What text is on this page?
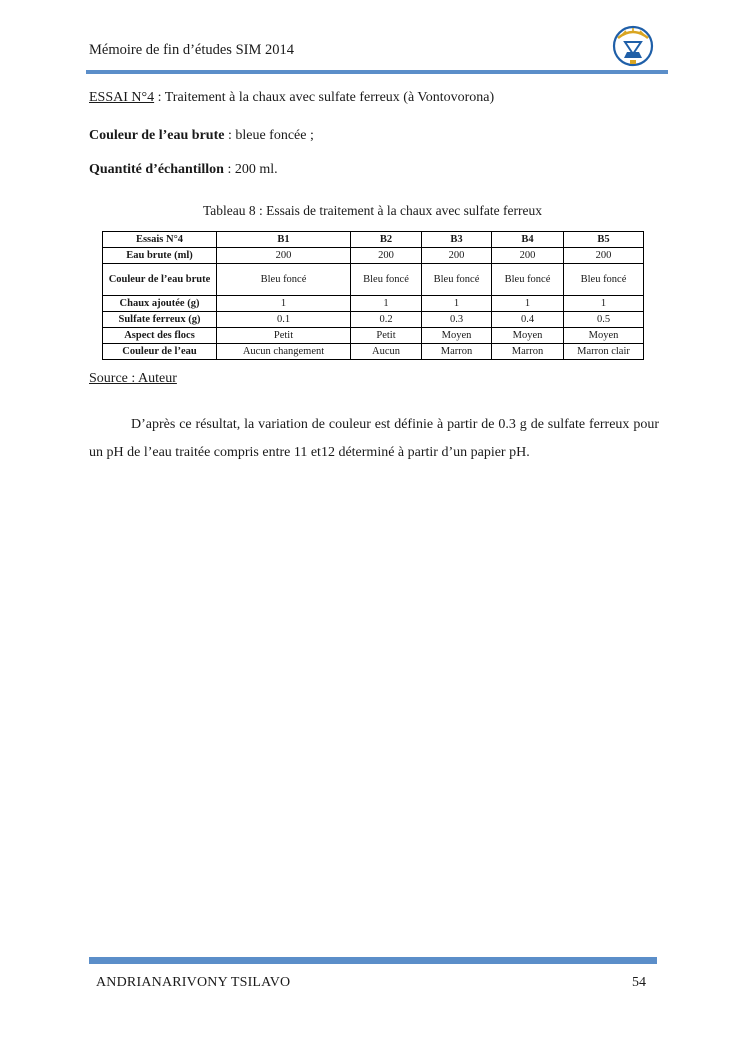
Mémoire de fin d’études SIM 2014
ESSAI N°4 : Traitement à la chaux avec sulfate ferreux (à Vontovorona)
Couleur de l’eau brute : bleue foncée ;
Quantité d’échantillon : 200 ml.
Tableau 8 : Essais de traitement à la chaux avec sulfate ferreux
Essais N°4	B1	B2	B3	B4	B5
Eau brute (ml)	200	200	200	200	200
Couleur de l’eau brute	Bleu foncé	Bleu foncé	Bleu foncé	Bleu foncé	Bleu foncé
Chaux ajoutée (g)	1	1	1	1	1
Sulfate ferreux (g)	0.1	0.2	0.3	0.4	0.5
Aspect des flocs	Petit	Petit	Moyen	Moyen	Moyen
Couleur de l’eau	Aucun changement	Aucun	Marron	Marron	Marron clair
Source : Auteur
D’après ce résultat, la variation de couleur est définie à partir de 0.3 g de sulfate ferreux pour un pH de l’eau traitée compris entre 11 et12 déterminé à partir d’un papier pH.
ANDRIANARIVONY TSILAVO	54
